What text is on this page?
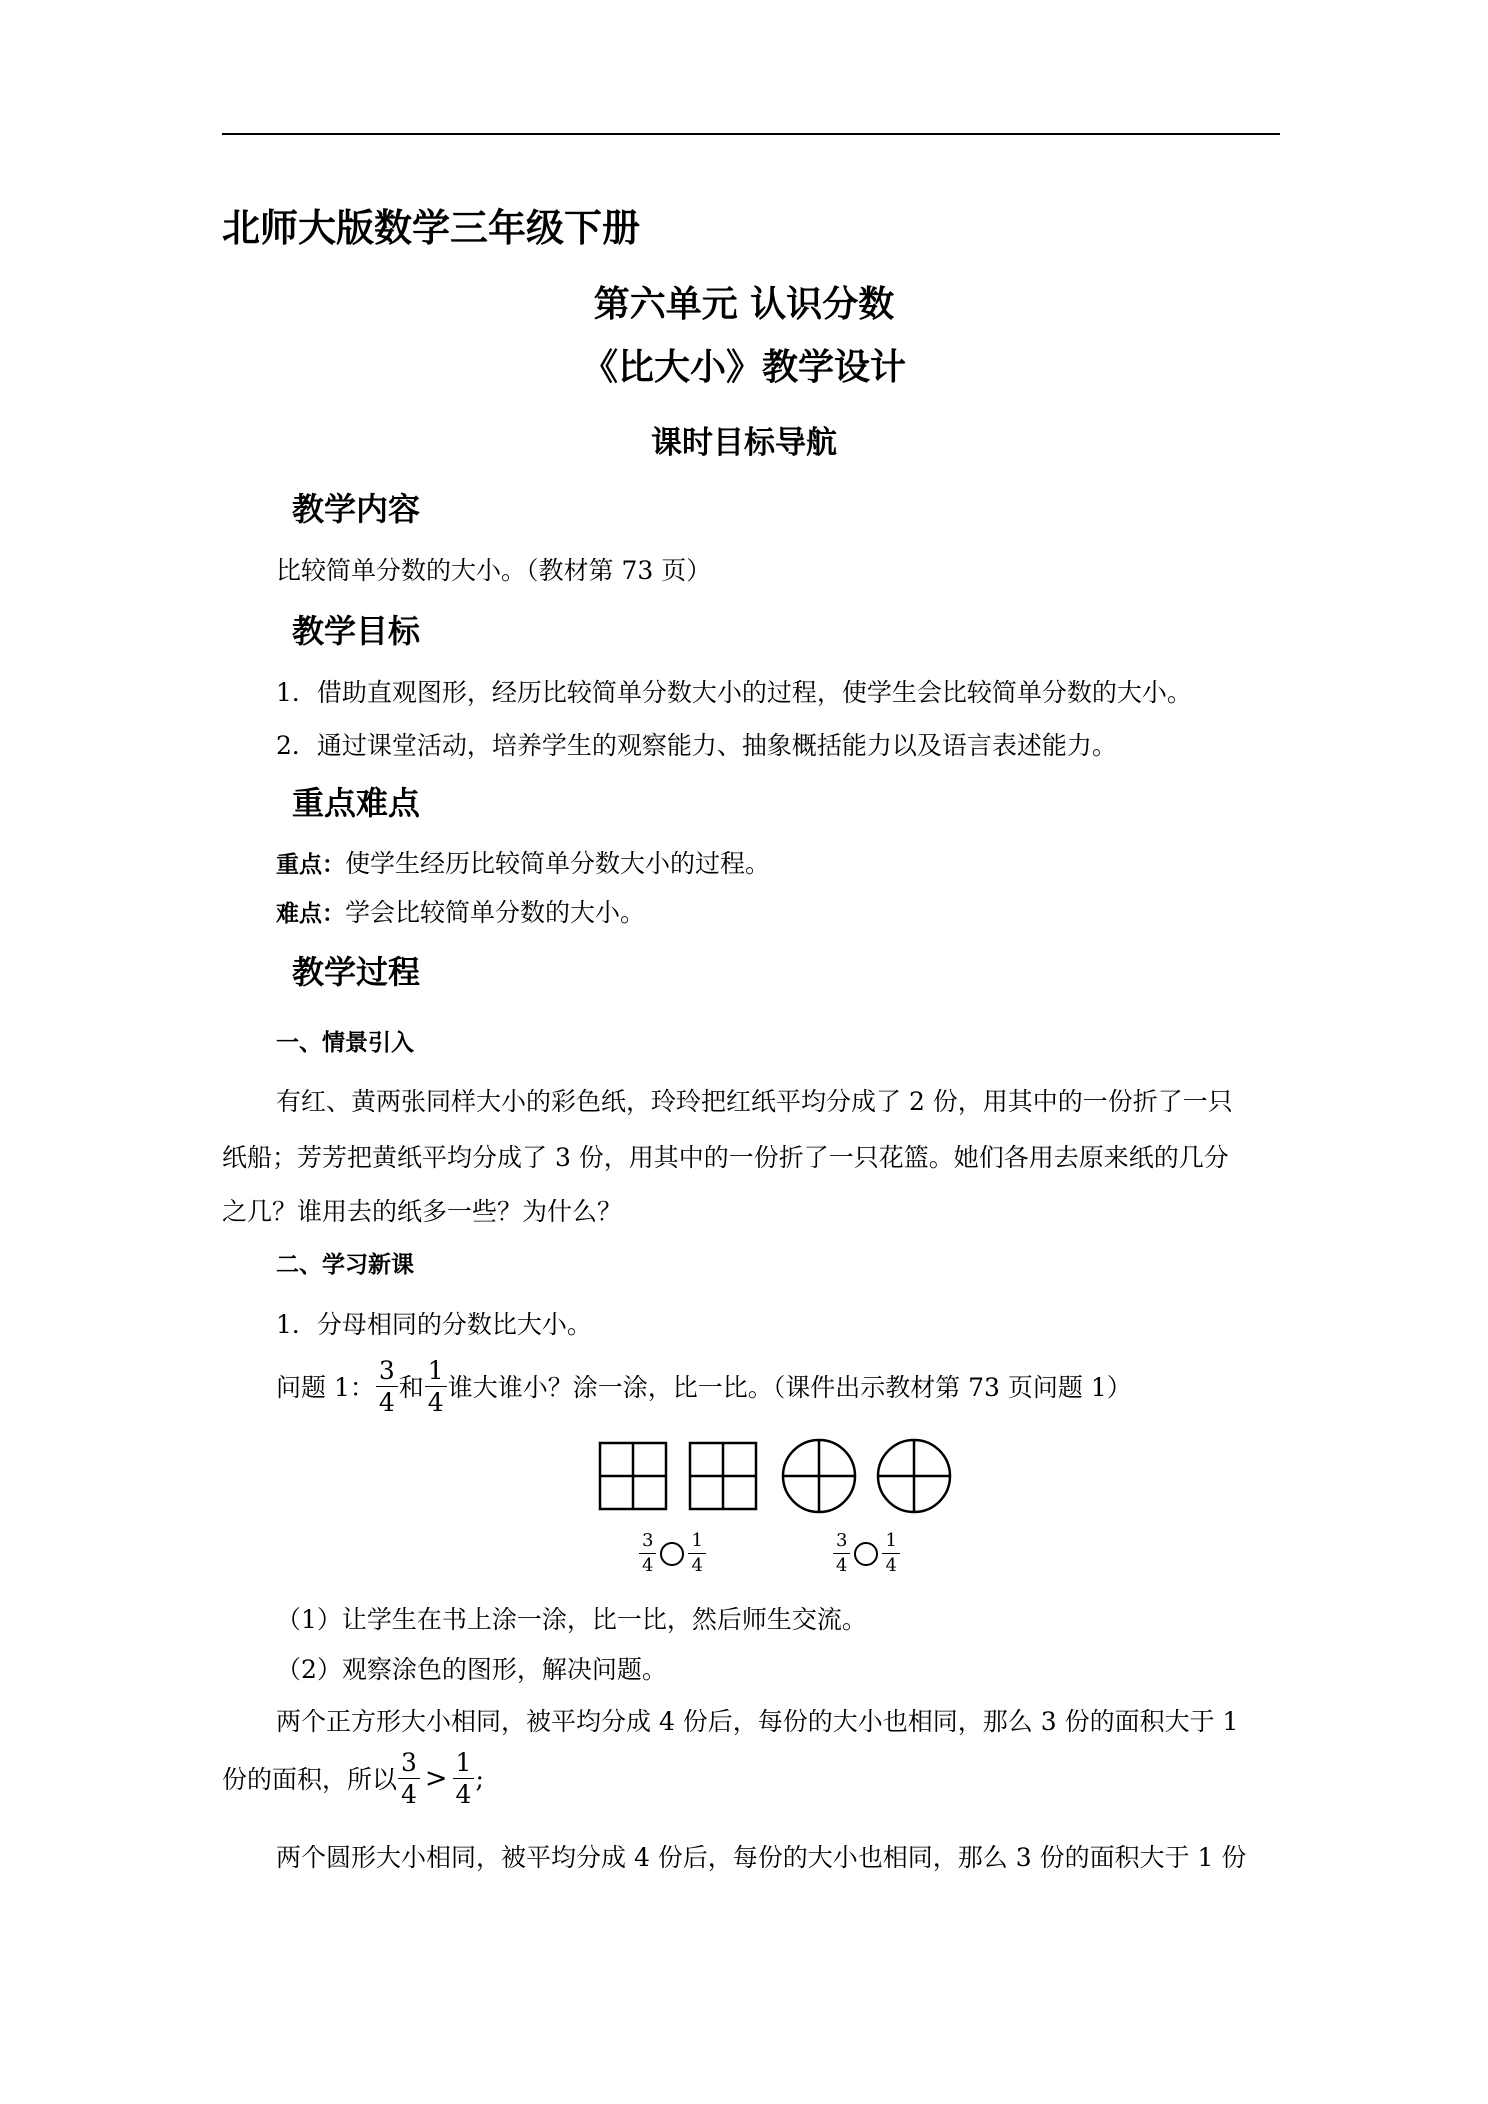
北师大版数学三年级下册
第六单元 认识分数
《比大小》教学设计
课时目标导航
教学内容
比较简单分数的大小。（教材第 73 页）
教学目标
1．借助直观图形，经历比较简单分数大小的过程，使学生会比较简单分数的大小。
2．通过课堂活动，培养学生的观察能力、抽象概括能力以及语言表述能力。
重点难点
重点：使学生经历比较简单分数大小的过程。
难点：学会比较简单分数的大小。
教学过程
一、情景引入
有红、黄两张同样大小的彩色纸，玲玲把红纸平均分成了 2 份，用其中的一份折了一只
纸船；芳芳把黄纸平均分成了 3 份，用其中的一份折了一只花篮。她们各用去原来纸的几分
之几？谁用去的纸多一些？为什么？
二、学习新课
1．分母相同的分数比大小。
问题 1： $\frac{3}{4}$ 和 $\frac{1}{4}$ 谁大谁小？涂一涂，比一比。（课件出示教材第 73 页问题 1）
$\frac{3}{4} \frac{1}{4}$	$\frac{3}{4} \frac{1}{4}$
（1）让学生在书上涂一涂，比一比，然后师生交流。
（2）观察涂色的图形，解决问题。
两个正方形大小相同，被平均分成 4 份后，每份的大小也相同，那么 3 份的面积大于 1
份的面积，所以 $\frac{3}{4} > \frac{1}{4}$ ;
两个圆形大小相同，被平均分成 4 份后，每份的大小也相同，那么 3 份的面积大于 1 份
